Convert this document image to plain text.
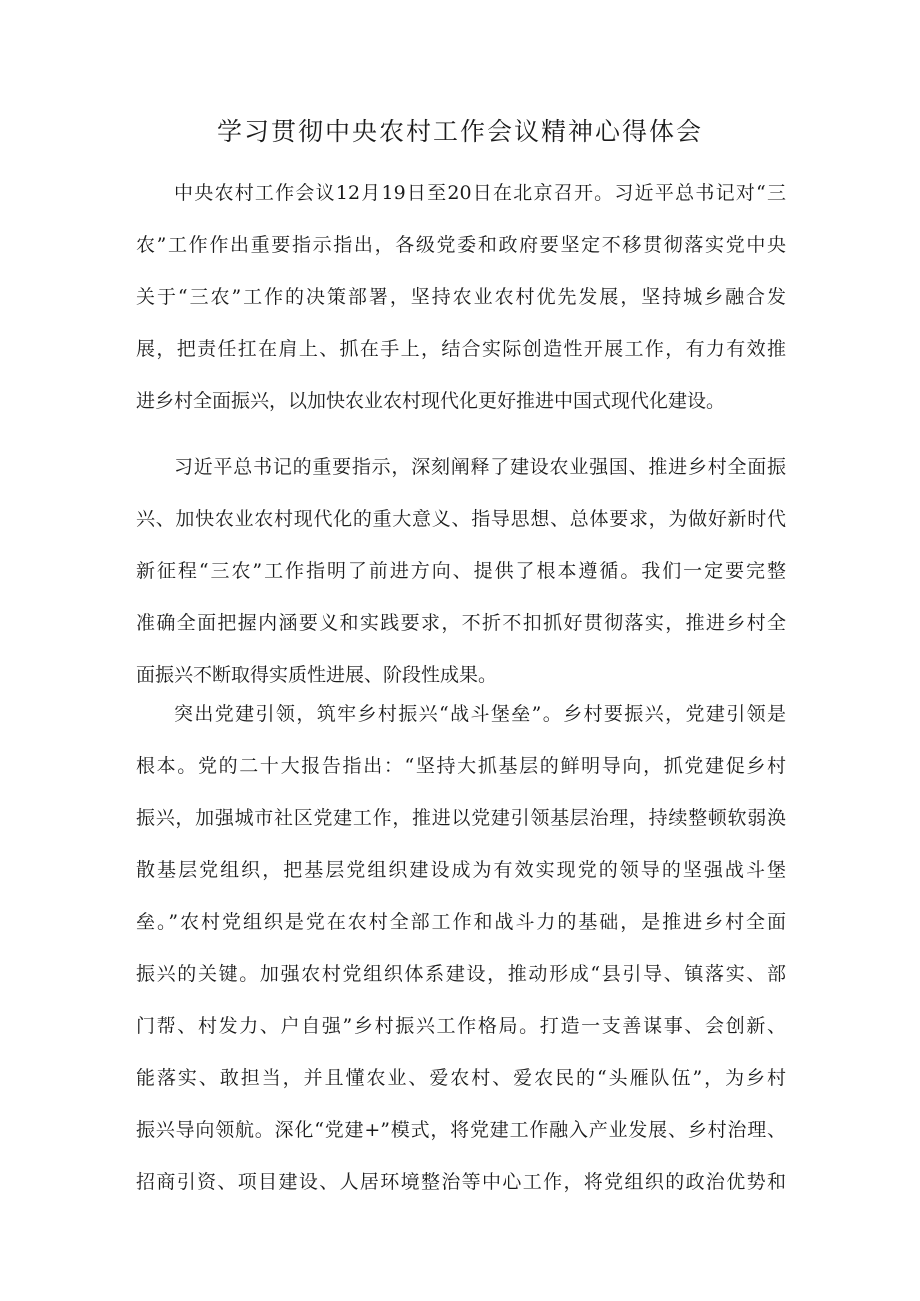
学习贯彻中央农村工作会议精神心得体会
中央农村工作会议12月19日至20日在北京召开。习近平总书记对“三
农”工作作出重要指示指出，各级党委和政府要坚定不移贯彻落实党中央
关于“三农”工作的决策部署，坚持农业农村优先发展，坚持城乡融合发
展，把责任扛在肩上、抓在手上，结合实际创造性开展工作，有力有效推
进乡村全面振兴，以加快农业农村现代化更好推进中国式现代化建设。
习近平总书记的重要指示，深刻阐释了建设农业强国、推进乡村全面振
兴、加快农业农村现代化的重大意义、指导思想、总体要求，为做好新时代
新征程“三农”工作指明了前进方向、提供了根本遵循。我们一定要完整
准确全面把握内涵要义和实践要求，不折不扣抓好贯彻落实，推进乡村全
面振兴不断取得实质性进展、阶段性成果。
突出党建引领，筑牢乡村振兴“战斗堡垒”。乡村要振兴，党建引领是
根本。党的二十大报告指出：“坚持大抓基层的鲜明导向，抓党建促乡村
振兴，加强城市社区党建工作，推进以党建引领基层治理，持续整顿软弱涣
散基层党组织，把基层党组织建设成为有效实现党的领导的坚强战斗堡
垒。”农村党组织是党在农村全部工作和战斗力的基础，是推进乡村全面
振兴的关键。加强农村党组织体系建设，推动形成“县引导、镇落实、部
门帮、村发力、户自强”乡村振兴工作格局。打造一支善谋事、会创新、
能落实、敢担当，并且懂农业、爱农村、爱农民的“头雁队伍”，为乡村
振兴导向领航。深化“党建+”模式，将党建工作融入产业发展、乡村治理、
招商引资、项目建设、人居环境整治等中心工作，将党组织的政治优势和
